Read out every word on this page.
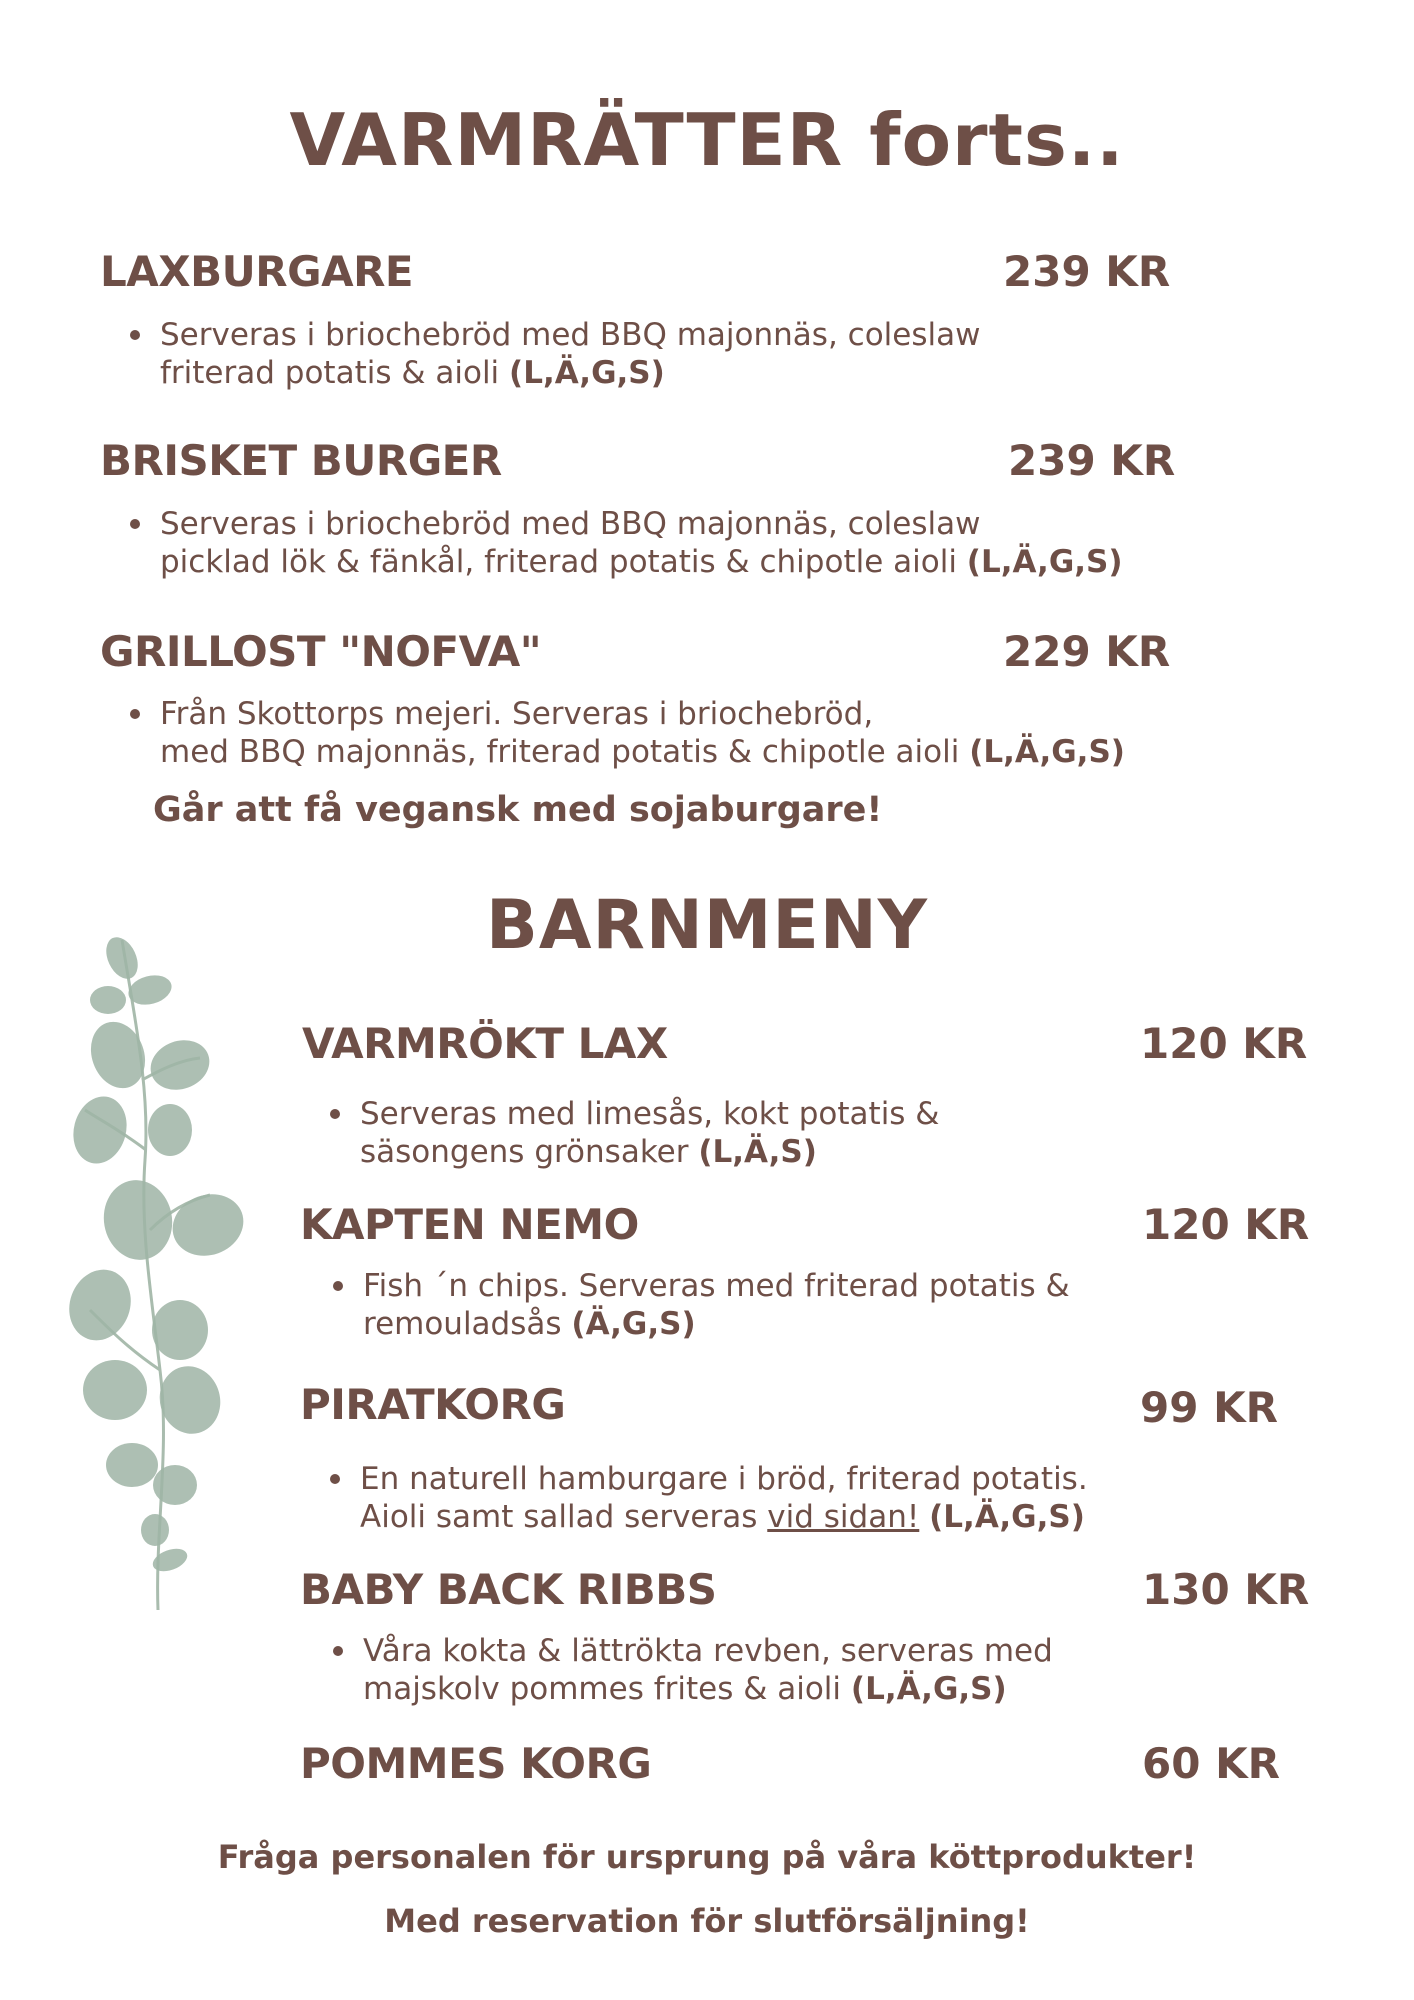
VARMRÄTTER forts..
LAXBURGARE	239 KR
Serveras i briochebröd med BBQ majonnäs, coleslaw
friterad potatis & aioli (L,Ä,G,S)
BRISKET BURGER	239 KR
Serveras i briochebröd med BBQ majonnäs, coleslaw
picklad lök & fänkål, friterad potatis & chipotle aioli (L,Ä,G,S)
GRILLOST "NOFVA"	229 KR
Från Skottorps mejeri. Serveras i briochebröd,
med BBQ majonnäs, friterad potatis & chipotle aioli (L,Ä,G,S)
Går att få vegansk med sojaburgare!
BARNMENY
VARMRÖKT LAX	120 KR
Serveras med limesås, kokt potatis &
säsongens grönsaker (L,Ä,S)
KAPTEN NEMO	120 KR
Fish ´n chips. Serveras med friterad potatis &
remouladsås (Ä,G,S)
PIRATKORG	99 KR
En naturell hamburgare i bröd, friterad potatis.
Aioli samt sallad serveras vid sidan! (L,Ä,G,S)
BABY BACK RIBBS	130 KR
Våra kokta & lättrökta revben, serveras med
majskolv pommes frites & aioli (L,Ä,G,S)
POMMES KORG	60 KR
Fråga personalen för ursprung på våra köttprodukter!
Med reservation för slutförsäljning!
